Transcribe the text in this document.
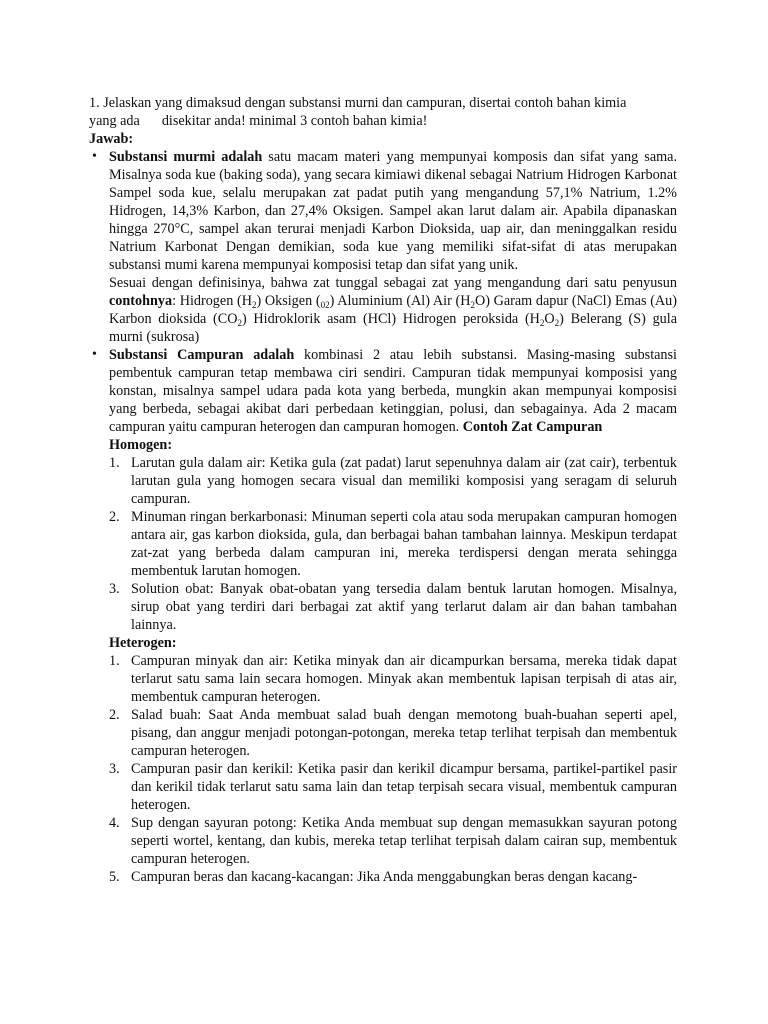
1. Jelaskan yang dimaksud dengan substansi murni dan campuran, disertai contoh bahan kimia
yang ada disekitar anda! minimal 3 contoh bahan kimia!

Jawab:

• Substansi murmi adalah satu macam materi yang mempunyai komposis dan sifat yang sama. Misalnya soda kue (baking soda), yang secara kimiawi dikenal sebagai Natrium Hidrogen Karbonat Sampel soda kue, selalu merupakan zat padat putih yang mengandung 57,1% Natrium, 1.2% Hidrogen, 14,3% Karbon, dan 27,4% Oksigen. Sampel akan larut dalam air. Apabila dipanaskan hingga 270°C, sampel akan terurai menjadi Karbon Dioksida, uap air, dan meninggalkan residu Natrium Karbonat Dengan demikian, soda kue yang memiliki sifat-sifat di atas merupakan substansi mumi karena mempunyai komposisi tetap dan sifat yang unik.

Sesuai dengan definisinya, bahwa zat tunggal sebagai zat yang mengandung dari satu penyusun contohnya: Hidrogen $(H_2)$ Oksigen $(_{02})$ Aluminium (Al) Air $(H_2O)$ Garam dapur (NaCl) Emas (Au) Karbon dioksida $(CO_2)$ Hidroklorik asam (HCl) Hidrogen peroksida $(H_2O_2)$ Belerang (S) gula murni (sukrosa)

• Substansi Campuran adalah kombinasi 2 atau lebih substansi. Masing-masing substansi pembentuk campuran tetap membawa ciri sendiri. Campuran tidak mempunyai komposisi yang konstan, misalnya sampel udara pada kota yang berbeda, mungkin akan mempunyai komposisi yang berbeda, sebagai akibat dari perbedaan ketinggian, polusi, dan sebagainya. Ada 2 macam campuran yaitu campuran heterogen dan campuran homogen. Contoh Zat Campuran

Homogen:

1. Larutan gula dalam air: Ketika gula (zat padat) larut sepenuhnya dalam air (zat cair), terbentuk larutan gula yang homogen secara visual dan memiliki komposisi yang seragam di seluruh campuran.

2. Minuman ringan berkarbonasi: Minuman seperti cola atau soda merupakan campuran homogen antara air, gas karbon dioksida, gula, dan berbagai bahan tambahan lainnya. Meskipun terdapat zat-zat yang berbeda dalam campuran ini, mereka terdispersi dengan merata sehingga membentuk larutan homogen.

3. Solution obat: Banyak obat-obatan yang tersedia dalam bentuk larutan homogen. Misalnya, sirup obat yang terdiri dari berbagai zat aktif yang terlarut dalam air dan bahan tambahan lainnya.

Heterogen:

1. Campuran minyak dan air: Ketika minyak dan air dicampurkan bersama, mereka tidak dapat terlarut satu sama lain secara homogen. Minyak akan membentuk lapisan terpisah di atas air, membentuk campuran heterogen.

2. Salad buah: Saat Anda membuat salad buah dengan memotong buah-buahan seperti apel, pisang, dan anggur menjadi potongan-potongan, mereka tetap terlihat terpisah dan membentuk campuran heterogen.

3. Campuran pasir dan kerikil: Ketika pasir dan kerikil dicampur bersama, partikel-partikel pasir dan kerikil tidak terlarut satu sama lain dan tetap terpisah secara visual, membentuk campuran heterogen.

4. Sup dengan sayuran potong: Ketika Anda membuat sup dengan memasukkan sayuran potong seperti wortel, kentang, dan kubis, mereka tetap terlihat terpisah dalam cairan sup, membentuk campuran heterogen.

5. Campuran beras dan kacang-kacangan: Jika Anda menggabungkan beras dengan kacang-
